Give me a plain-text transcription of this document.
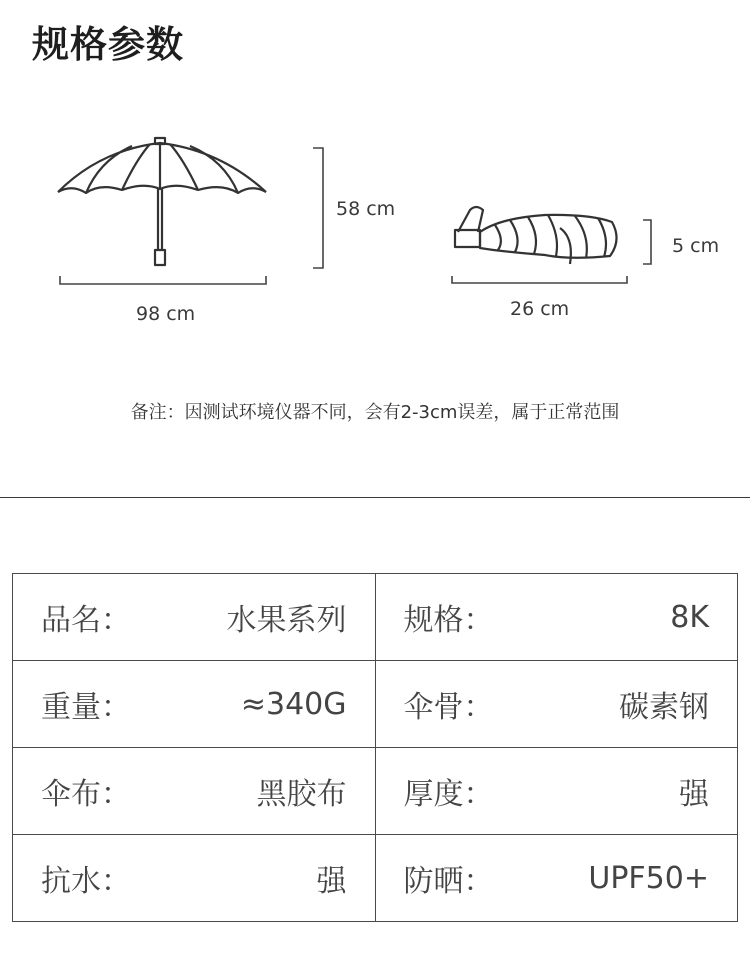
规格参数
58 cm
98 cm
5 cm
26 cm
备注：因测试环境仪器不同，会有2-3cm误差，属于正常范围
品名： 水果系列	规格： 8K

重量： ≈340G	伞骨： 碳素钢

伞布： 黑胶布	厚度： 强

抗水： 强	防晒： UPF50+
